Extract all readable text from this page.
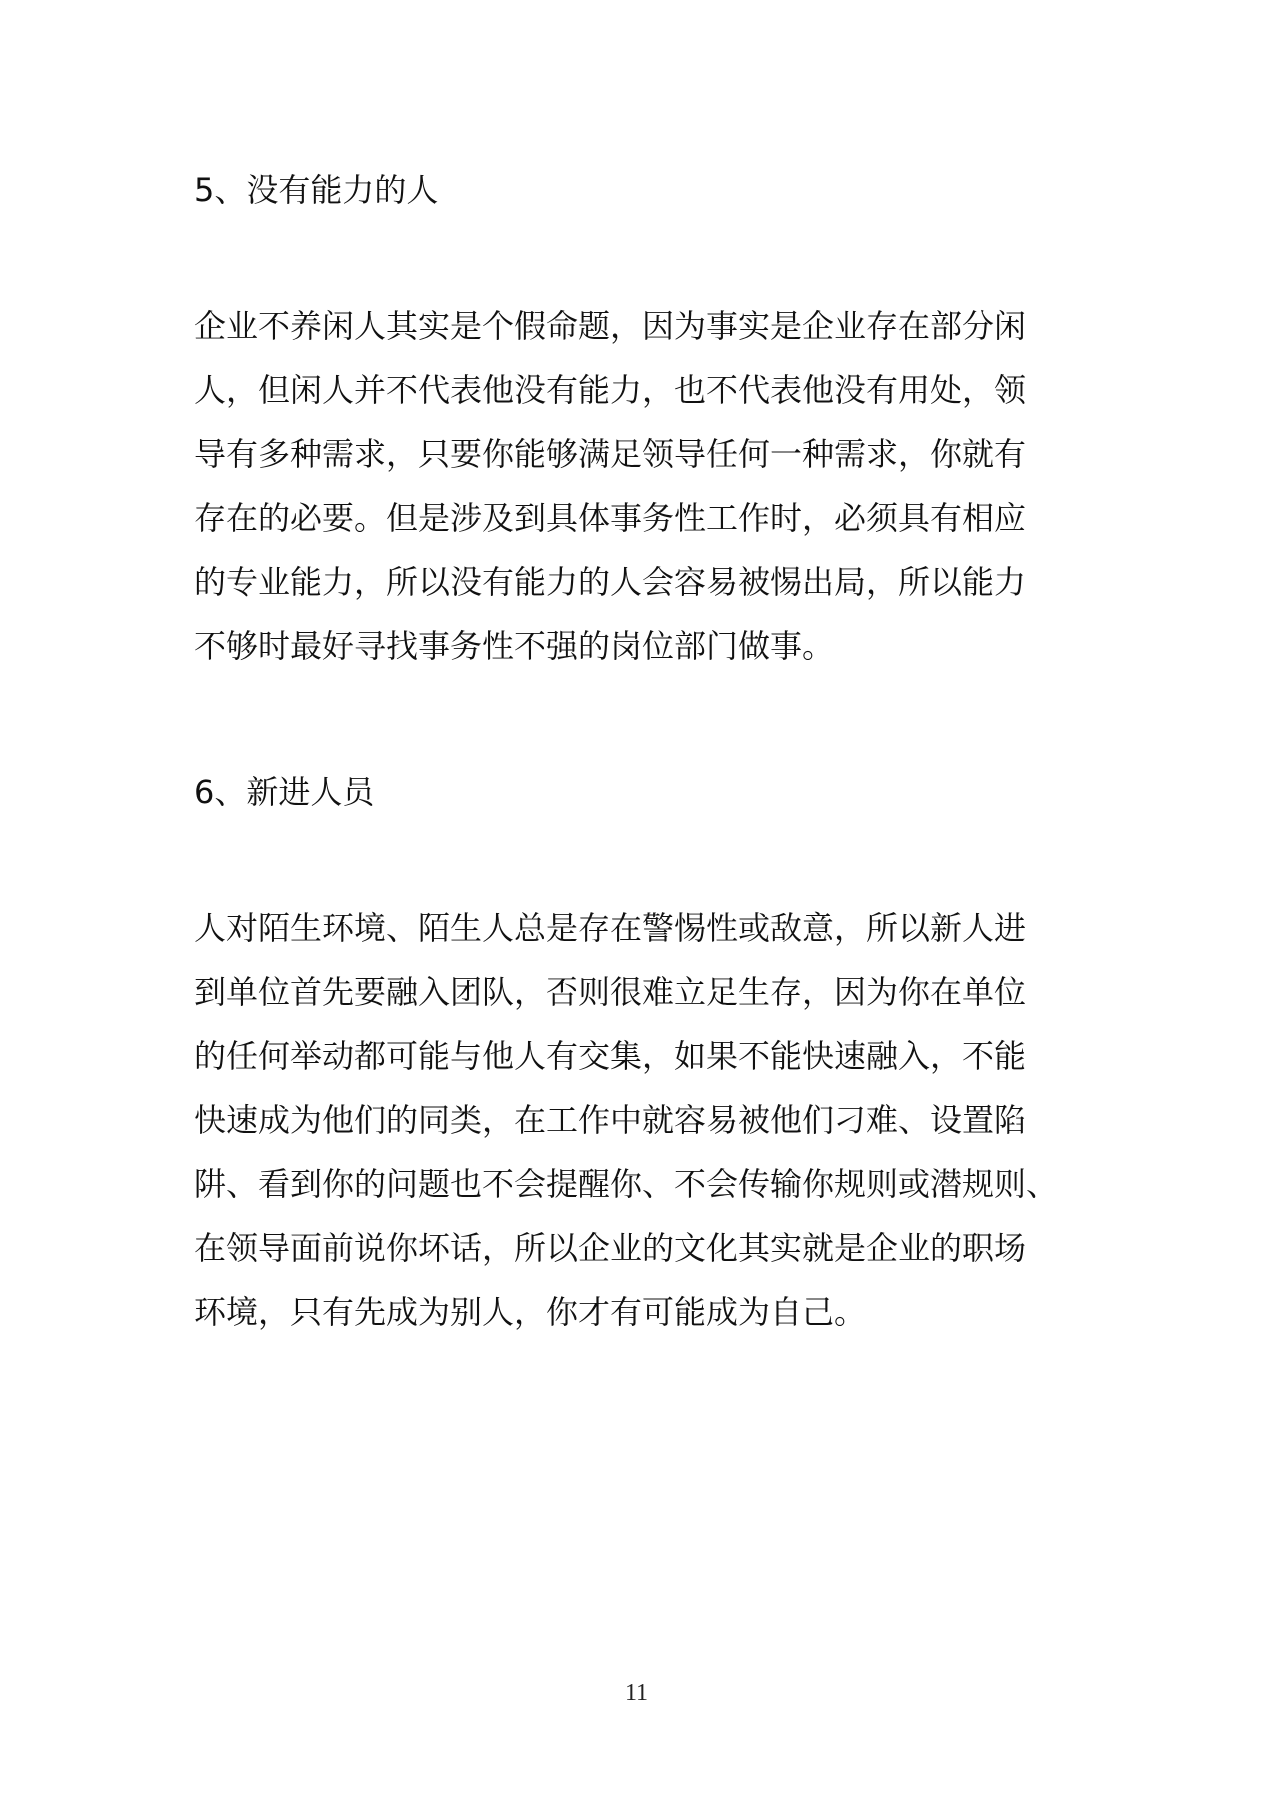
5、没有能力的人

企业不养闲人其实是个假命题，因为事实是企业存在部分闲
人，但闲人并不代表他没有能力，也不代表他没有用处，领
导有多种需求，只要你能够满足领导任何一种需求，你就有
存在的必要。但是涉及到具体事务性工作时，必须具有相应
的专业能力，所以没有能力的人会容易被惕出局，所以能力
不够时最好寻找事务性不强的岗位部门做事。

6、新进人员

人对陌生环境、陌生人总是存在警惕性或敌意，所以新人进
到单位首先要融入团队，否则很难立足生存，因为你在单位
的任何举动都可能与他人有交集，如果不能快速融入，不能
快速成为他们的同类，在工作中就容易被他们刁难、设置陷
阱、看到你的问题也不会提醒你、不会传输你规则或潜规则、
在领导面前说你坏话，所以企业的文化其实就是企业的职场
环境，只有先成为别人，你才有可能成为自己。

11
